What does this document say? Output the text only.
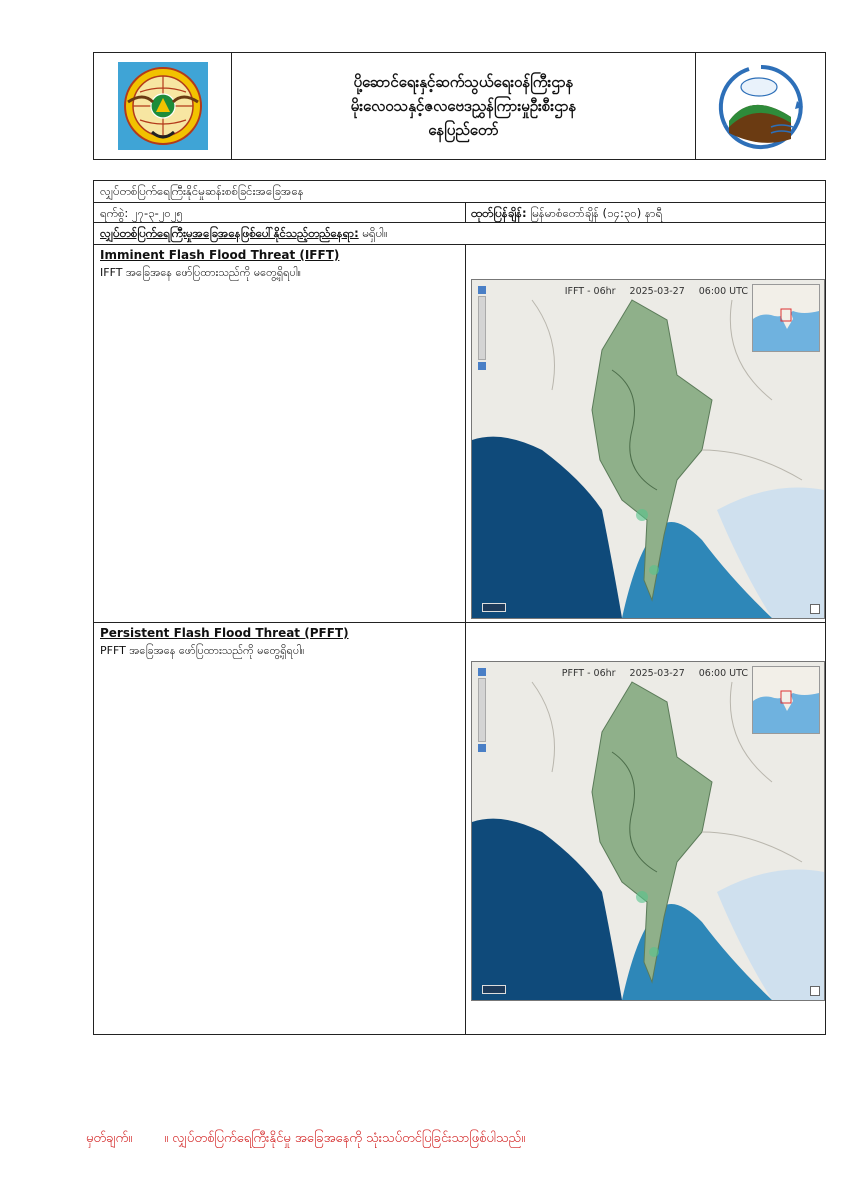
ပို့ဆောင်ရေးနှင့်ဆက်သွယ်ရေးဝန်ကြီးဌာန
မိုးလေဝသနှင့်ဇလဗေဒညွှန်ကြားမှုဦးစီးဌာန
နေပြည်တော်
လျှပ်တစ်ပြက်ရေကြီးနိုင်မှုဆန်းစစ်ခြင်းအခြေအနေ
ရက်စွဲ: ၂၇-၃-၂၀၂၅	ထုတ်ပြန်ချိန်: မြန်မာစံတော်ချိန် (၁၄:၃၀) နာရီ
လျှပ်တစ်ပြက်ရေကြီးမှုအခြေအနေဖြစ်ပေါ်နိုင်သည့်တည်နေရာ: မရှိပါ။
Imminent Flash Flood Threat (IFFT)
IFFT အခြေအနေ ဖော်ပြထားသည်ကို မတွေ့ရှိရပါ။
IFFT - 06hr 2025-03-27 06:00 UTC
Persistent Flash Flood Threat (PFFT)
PFFT အခြေအနေ ဖော်ပြထားသည်ကို မတွေ့ရှိရပါ။
PFFT - 06hr 2025-03-27 06:00 UTC
မှတ်ချက်။ ။ လျှပ်တစ်ပြက်ရေကြီးနိုင်မှု အခြေအနေကို သုံးသပ်တင်ပြခြင်းသာဖြစ်ပါသည်။
